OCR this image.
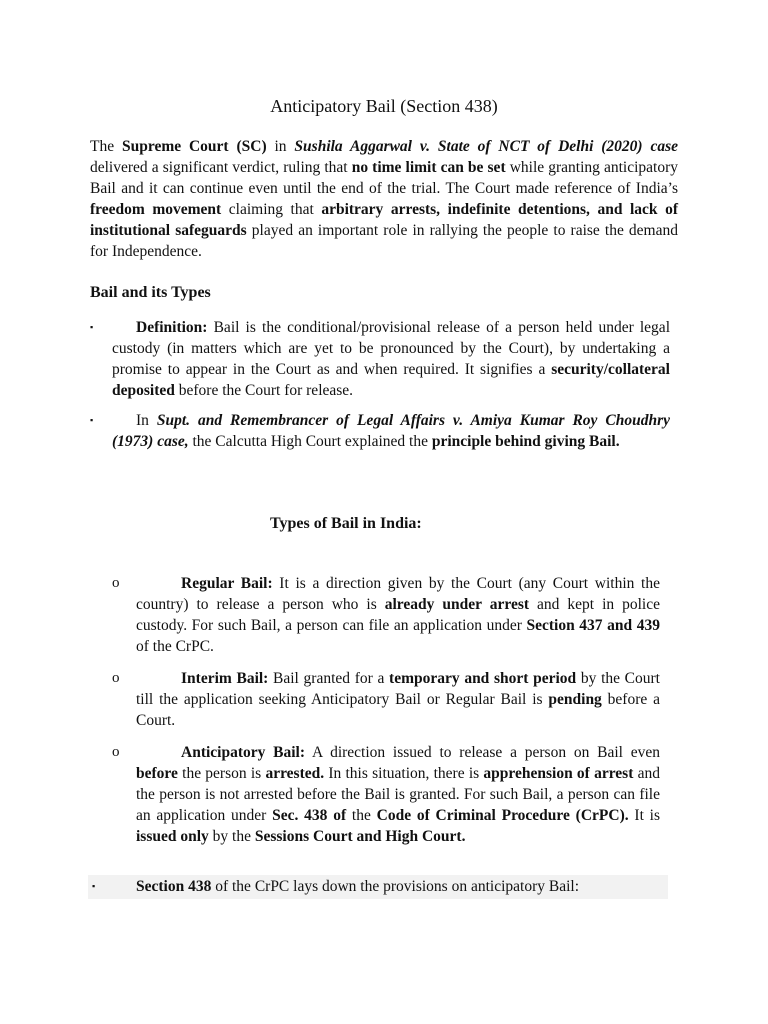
Anticipatory Bail (Section 438)
The Supreme Court (SC) in Sushila Aggarwal v. State of NCT of Delhi (2020) case delivered a significant verdict, ruling that no time limit can be set while granting anticipatory Bail and it can continue even until the end of the trial. The Court made reference of India’s freedom movement claiming that arbitrary arrests, indefinite detentions, and lack of institutional safeguards played an important role in rallying the people to raise the demand for Independence.
Bail and its Types
▪	Definition: Bail is the conditional/provisional release of a person held under legal custody (in matters which are yet to be pronounced by the Court), by undertaking a promise to appear in the Court as and when required. It signifies a security/collateral deposited before the Court for release.
▪	In Supt. and Remembrancer of Legal Affairs v. Amiya Kumar Roy Choudhry (1973) case, the Calcutta High Court explained the principle behind giving Bail.
Types of Bail in India:
o	Regular Bail: It is a direction given by the Court (any Court within the country) to release a person who is already under arrest and kept in police custody. For such Bail, a person can file an application under Section 437 and 439 of the CrPC.
o	Interim Bail: Bail granted for a temporary and short period by the Court till the application seeking Anticipatory Bail or Regular Bail is pending before a Court.
o	Anticipatory Bail: A direction issued to release a person on Bail even before the person is arrested. In this situation, there is apprehension of arrest and the person is not arrested before the Bail is granted. For such Bail, a person can file an application under Sec. 438 of the Code of Criminal Procedure (CrPC). It is issued only by the Sessions Court and High Court.
▪	Section 438 of the CrPC lays down the provisions on anticipatory Bail:
